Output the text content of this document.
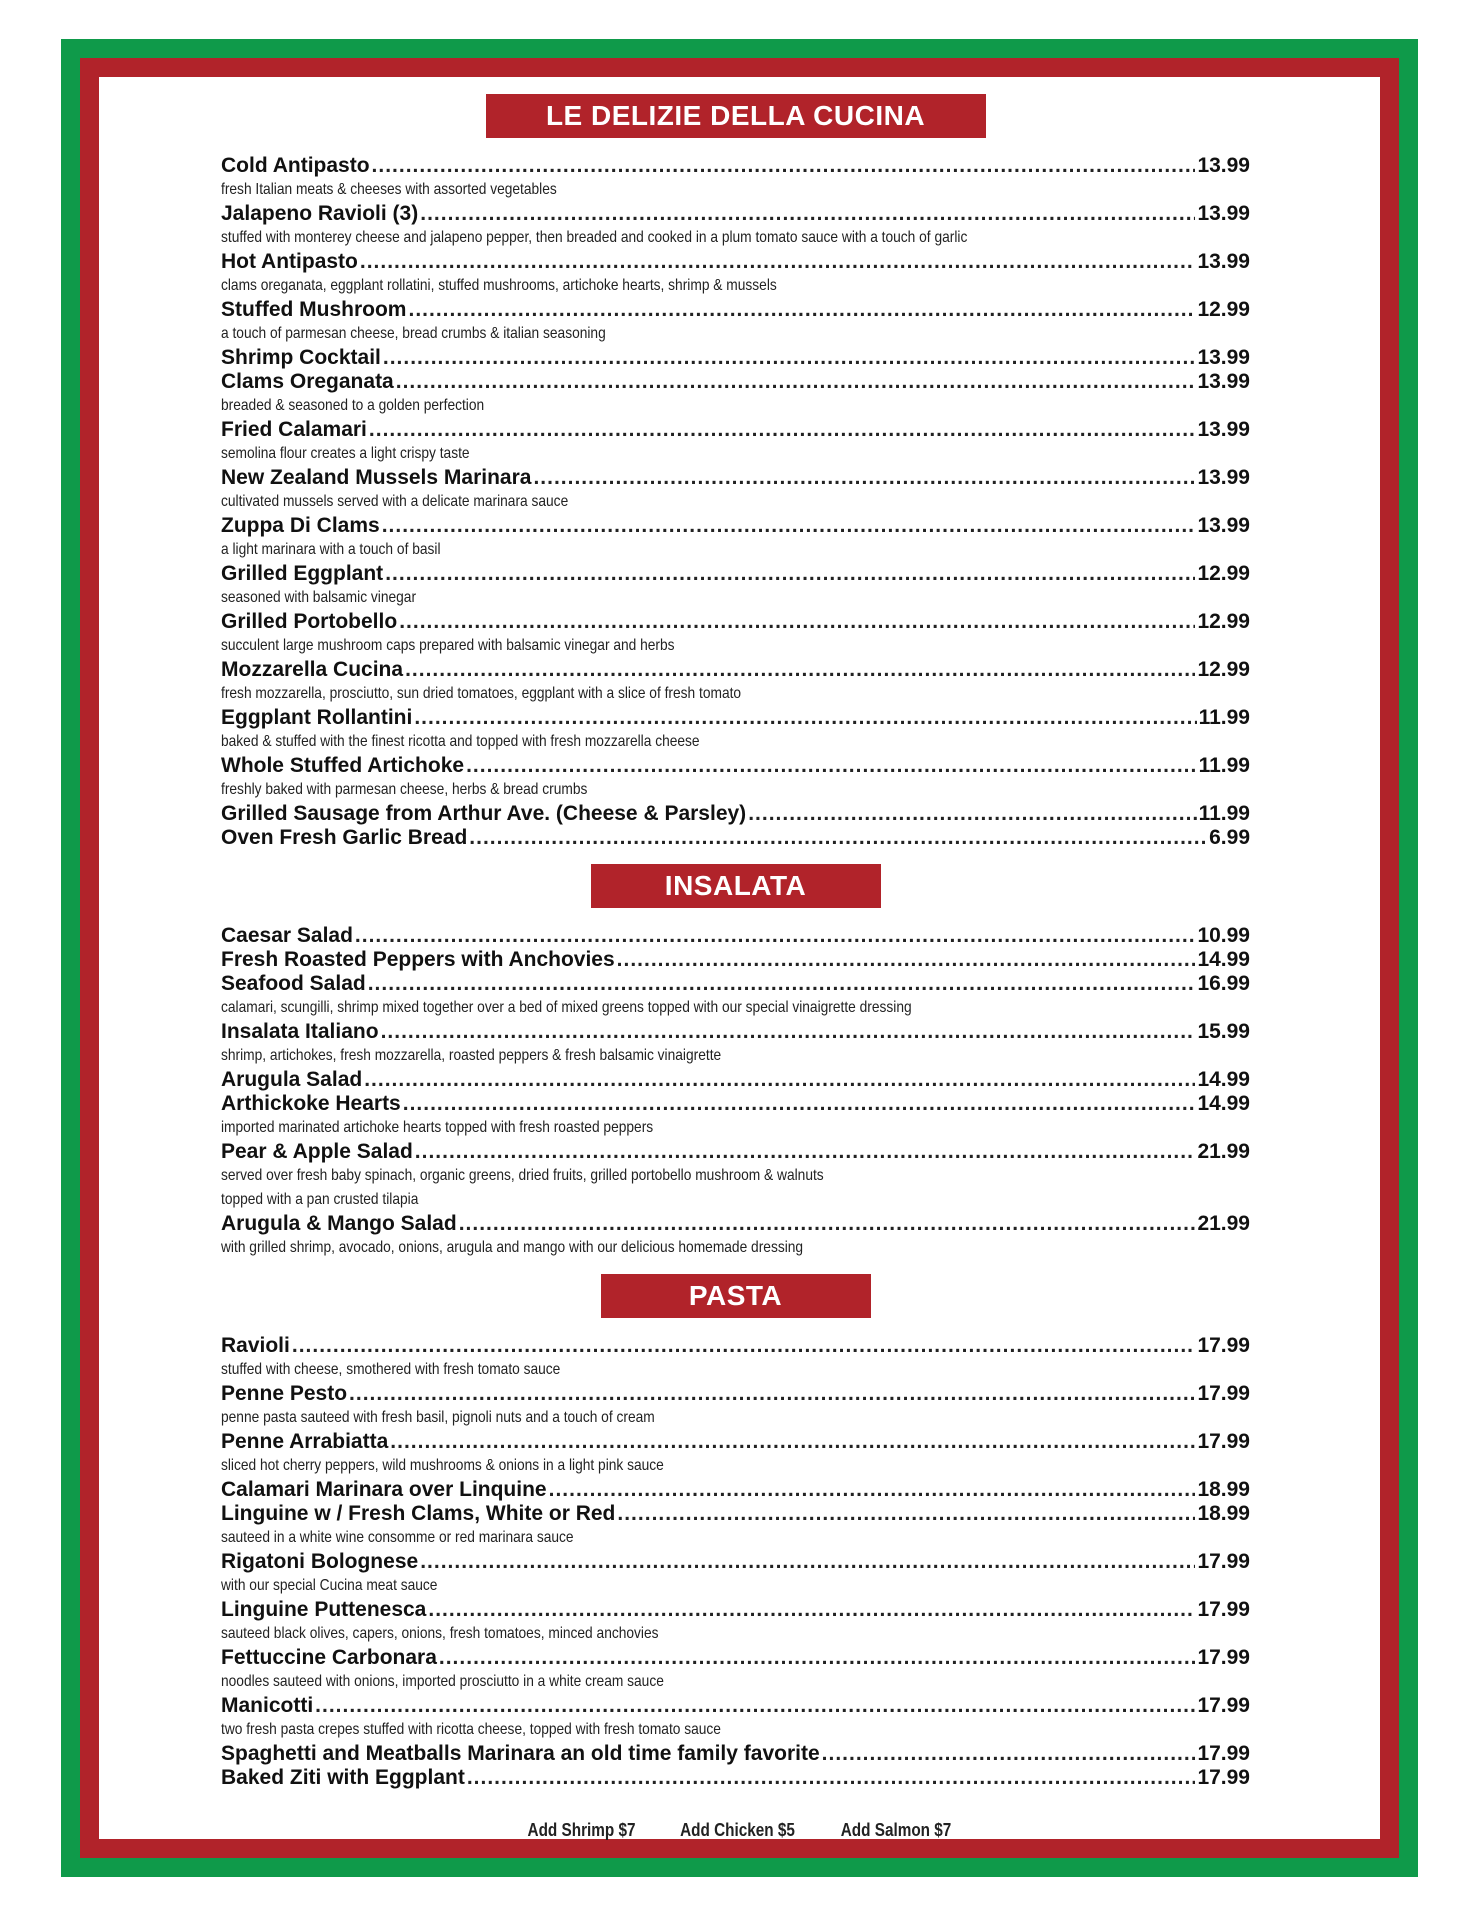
LE DELIZIE DELLA CUCINA
Cold Antipasto .....	13.99
fresh Italian meats & cheeses with assorted vegetables
Jalapeno Ravioli (3) .....	13.99
stuffed with monterey cheese and jalapeno pepper, then breaded and cooked in a plum tomato sauce with a touch of garlic
Hot Antipasto .....	13.99
clams oreganata, eggplant rollatini, stuffed mushrooms, artichoke hearts, shrimp & mussels
Stuffed Mushroom .....	12.99
a touch of parmesan cheese, bread crumbs & italian seasoning
Shrimp Cocktail .....	13.99
Clams Oreganata .....	13.99
breaded & seasoned to a golden perfection
Fried Calamari .....	13.99
semolina flour creates a light crispy taste
New Zealand Mussels Marinara .....	13.99
cultivated mussels served with a delicate marinara sauce
Zuppa Di Clams .....	13.99
a light marinara with a touch of basil
Grilled Eggplant .....	12.99
seasoned with balsamic vinegar
Grilled Portobello .....	12.99
succulent large mushroom caps prepared with balsamic vinegar and herbs
Mozzarella Cucina .....	12.99
fresh mozzarella, prosciutto, sun dried tomatoes, eggplant with a slice of fresh tomato
Eggplant Rollantini .....	11.99
baked & stuffed with the finest ricotta and topped with fresh mozzarella cheese
Whole Stuffed Artichoke .....	11.99
freshly baked with parmesan cheese, herbs & bread crumbs
Grilled Sausage from Arthur Ave. (Cheese & Parsley) .....	11.99
Oven Fresh Garlic Bread .....	6.99
INSALATA
Caesar Salad .....	10.99
Fresh Roasted Peppers with Anchovies .....	14.99
Seafood Salad .....	16.99
calamari, scungilli, shrimp mixed together over a bed of mixed greens topped with our special vinaigrette dressing
Insalata Italiano .....	15.99
shrimp, artichokes, fresh mozzarella, roasted peppers & fresh balsamic vinaigrette
Arugula Salad .....	14.99
Arthickoke Hearts .....	14.99
imported marinated artichoke hearts topped with fresh roasted peppers
Pear & Apple Salad .....	21.99
served over fresh baby spinach, organic greens, dried fruits, grilled portobello mushroom & walnuts
topped with a pan crusted tilapia
Arugula & Mango Salad .....	21.99
with grilled shrimp, avocado, onions, arugula and mango with our delicious homemade dressing
PASTA
Ravioli .....	17.99
stuffed with cheese, smothered with fresh tomato sauce
Penne Pesto .....	17.99
penne pasta sauteed with fresh basil, pignoli nuts and a touch of cream
Penne Arrabiatta .....	17.99
sliced hot cherry peppers, wild mushrooms & onions in a light pink sauce
Calamari Marinara over Linquine .....	18.99
Linguine w / Fresh Clams, White or Red .....	18.99
sauteed in a white wine consomme or red marinara sauce
Rigatoni Bolognese .....	17.99
with our special Cucina meat sauce
Linguine Puttenesca .....	17.99
sauteed black olives, capers, onions, fresh tomatoes, minced anchovies
Fettuccine Carbonara .....	17.99
noodles sauteed with onions, imported prosciutto in a white cream sauce
Manicotti .....	17.99
two fresh pasta crepes stuffed with ricotta cheese, topped with fresh tomato sauce
Spaghetti and Meatballs Marinara an old time family favorite .....	17.99
Baked Ziti with Eggplant .....	17.99
Add Shrimp $7 Add Chicken $5 Add Salmon $7
